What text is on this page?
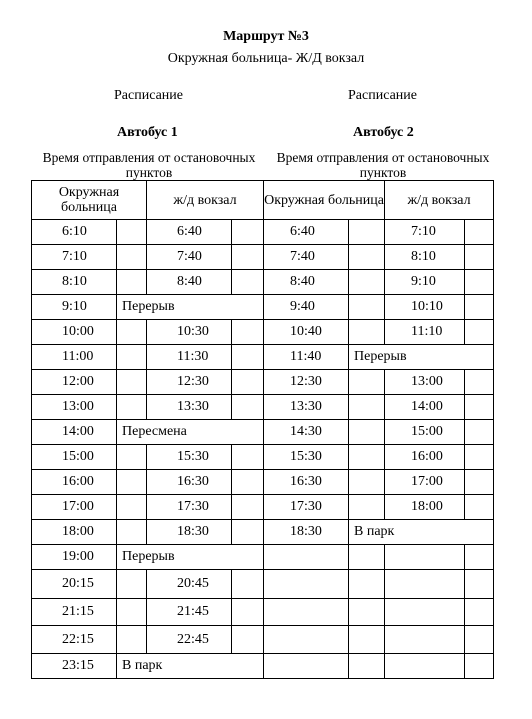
Маршрут №3
Окружная больница- Ж/Д вокзал
Расписание	Расписание
Автобус 1	Автобус 2
Время отправления от остановочных
пунктов
Время отправления от остановочных
пунктов
Окружная больница		ж/д вокзал		Окружная больница		ж/д вокзал	
6:10		6:40		6:40		7:10	
7:10		7:40		7:40		8:10	
8:10		8:40		8:40		9:10	
9:10	Перерыв			9:40		10:10	
10:00		10:30		10:40		11:10	
11:00		11:30		11:40	Перерыв		
12:00		12:30		12:30		13:00	
13:00		13:30		13:30		14:00	
14:00	Пересмена			14:30		15:00	
15:00		15:30		15:30		16:00	
16:00		16:30		16:30		17:00	
17:00		17:30		17:30		18:00	
18:00		18:30		18:30	В парк		
19:00	Перерыв						
20:15		20:45					
21:15		21:45					
22:15		22:45					
23:15	В парк						
